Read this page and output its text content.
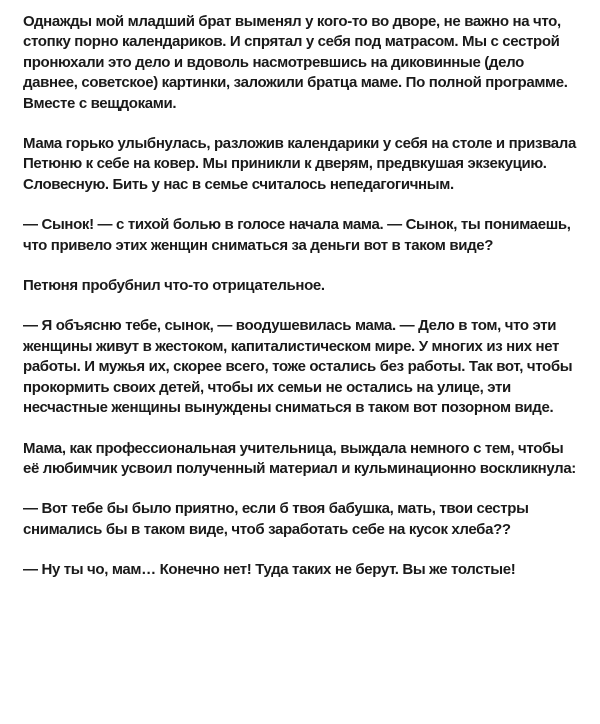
Однажды мой младший брат выменял у кого-то во дворе, не важно на что, стопку порно календариков. И спрятал у себя под матрасом. Мы с сестрой пронюхали это дело и вдоволь насмотревшись на диковинные (дело давнее, советское) картинки, заложили братца маме. По полной программе. Вместе с вещдоками.

Мама горько улыбнулась, разложив календарики у себя на столе и призвала Петюню к себе на ковер. Мы приникли к дверям, предвкушая экзекуцию. Словесную. Бить у нас в семье считалось непедагогичным.

— Сынок! — с тихой болью в голосе начала мама. — Сынок, ты понимаешь, что привело этих женщин сниматься за деньги вот в таком виде?

Петюня пробубнил что-то отрицательное.

— Я объясню тебе, сынок, — воодушевилась мама. — Дело в том, что эти женщины живут в жестоком, капиталистическом мире. У многих из них нет работы. И мужья их, скорее всего, тоже остались без работы. Так вот, чтобы прокормить своих детей, чтобы их семьи не остались на улице, эти несчастные женщины вынуждены сниматься в таком вот позорном виде.

Мама, как профессиональная учительница, выждала немного с тем, чтобы её любимчик усвоил полученный материал и кульминационно воскликнула:

— Вот тебе бы было приятно, если б твоя бабушка, мать, твои сестры снимались бы в таком виде, чтоб заработать себе на кусок хлеба??

— Ну ты чо, мам… Конечно нет! Туда таких не берут. Вы же толстые!
